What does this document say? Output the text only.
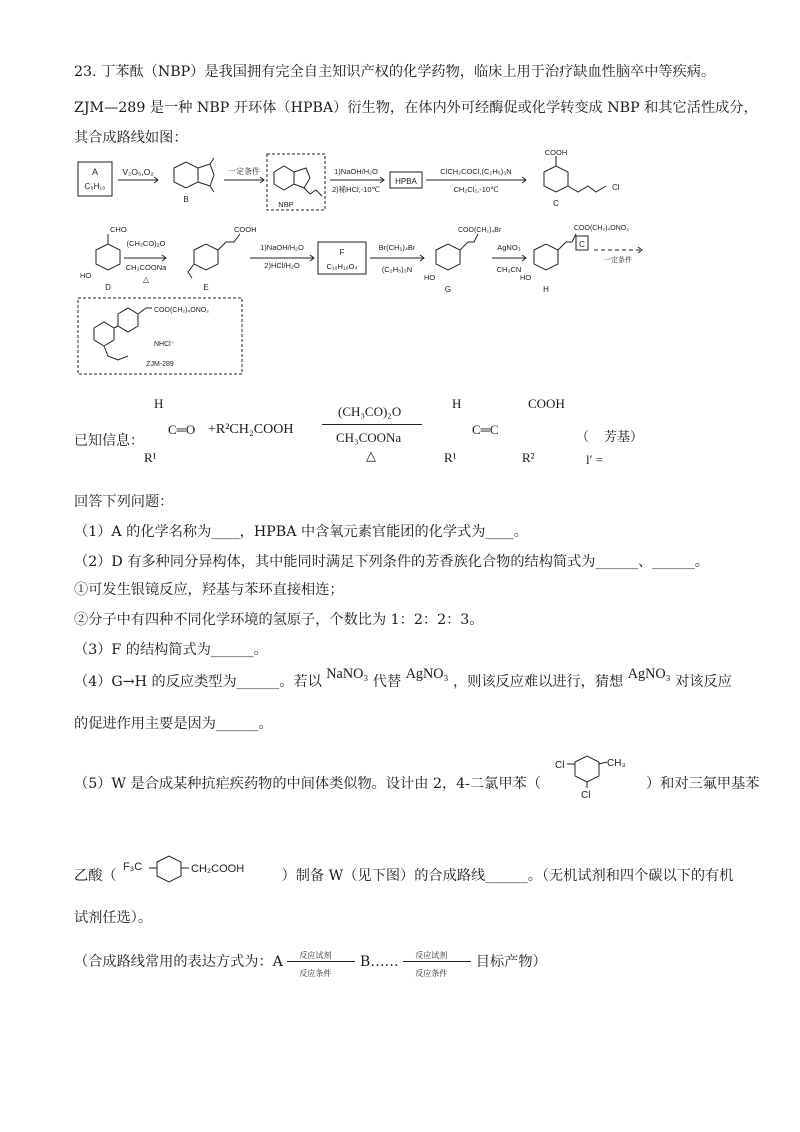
23. 丁苯酞（NBP）是我国拥有完全自主知识产权的化学药物，临床上用于治疗缺血性脑卒中等疾病。
ZJM—289 是一种 NBP 开环体（HPBA）衍生物，在体内外可经酶促或化学转变成 NBP 和其它活性成分，
其合成路线如图：
A
C₈H₁₀
V₂O₅,O₂
B
一定条件
NBP
1)NaOH/H₂O
2)稀HCl,-10℃
HPBA
ClCH₂COCl,(C₂H₅)₃N
CH₂Cl₂,-10℃
COOH
Cl
C
CHO
HO
D
(CH₃CO)₂O
CH₃COONa
△
COOH
E
1)NaOH/H₂O
2)HCl/H₂O
F
C₁₀H₁₀O₄
Br(CH₂)₄Br
(C₂H₅)₃N
COO(CH₂)₄Br
HO
G
AgNO₃
CH₃CN
COO(CH₂)₄ONO₂
HO
H
C
一定条件
COO(CH₂)₄ONO₂
NHCl⁻
ZJM-289
已知信息：
H
C═O
R¹
+R²CH₂COOH
(CH₃CO)₂O
CH₃COONa
△
H	COOH
C═C
R¹	R²
（ 芳基）
l′ =
回答下列问题：
（1）A 的化学名称为____，HPBA 中含氧元素官能团的化学式为____。
（2）D 有多种同分异构体，其中能同时满足下列条件的芳香族化合物的结构简式为______、______。
①可发生银镜反应，羟基与苯环直接相连；
②分子中有四种不同化学环境的氢原子，个数比为 1：2：2：3。
（3）F 的结构简式为______。
（4）G→H 的反应类型为______。若以 NaNO₃ 代替 AgNO₃ ，则该反应难以进行，猜想 AgNO₃ 对该反应
的促进作用主要是因为______。
（5）W 是合成某种抗疟疾药物的中间体类似物。设计由 2，4-二氯甲苯（
Cl	CH₃
Cl
）和对三氟甲基苯
乙酸（
F₃C	CH₂COOH	）制备 W（见下图）的合成路线______。（无机试剂和四个碳以下的有机
试剂任选）。
（合成路线常用的表达方式为：A 反应试剂
反应条件
B…… 反应试剂
反应条件
目标产物）
